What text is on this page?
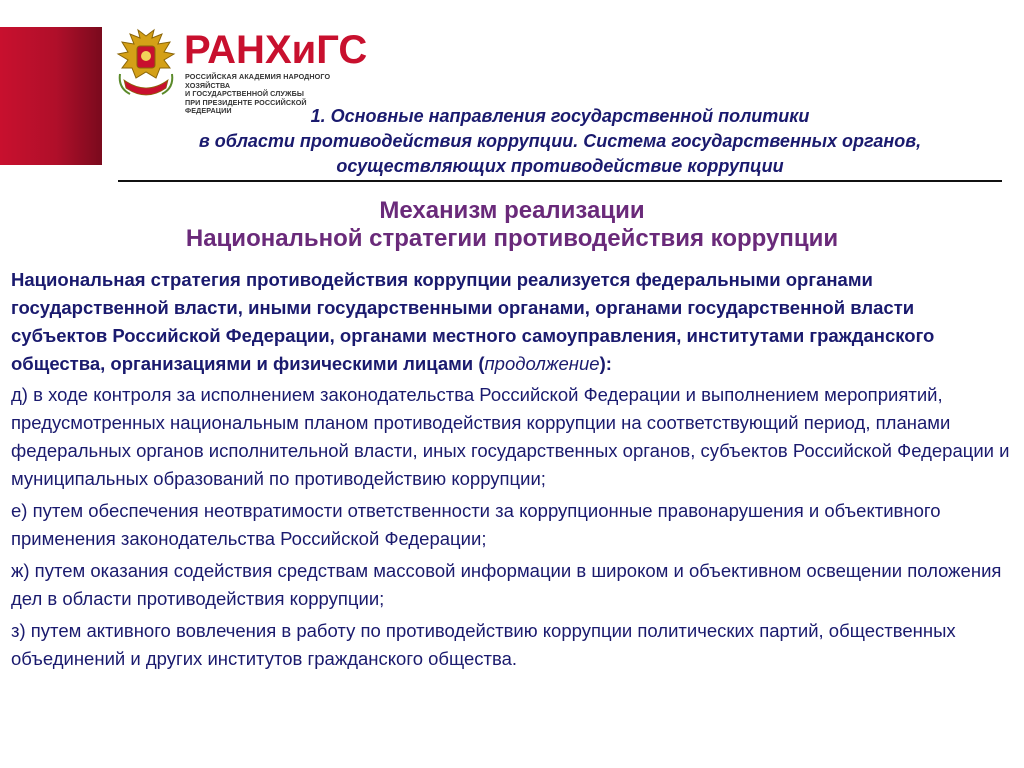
РАНХиГС
РОССИЙСКАЯ АКАДЕМИЯ НАРОДНОГО ХОЗЯЙСТВА
И ГОСУДАРСТВЕННОЙ СЛУЖБЫ
ПРИ ПРЕЗИДЕНТЕ РОССИЙСКОЙ ФЕДЕРАЦИИ	1. Основные направления государственной политики
в области противодействия коррупции. Система государственных органов,
осуществляющих противодействие коррупции
Механизм реализации
Национальной стратегии противодействия коррупции

Национальная стратегия противодействия коррупции реализуется федеральными органами государственной власти, иными государственными органами, органами государственной власти субъектов Российской Федерации, органами местного самоуправления, институтами гражданского общества, организациями и физическими лицами (продолжение):

д) в ходе контроля за исполнением законодательства Российской Федерации и выполнением мероприятий, предусмотренных национальным планом противодействия коррупции на соответствующий период, планами федеральных органов исполнительной власти, иных государственных органов, субъектов Российской Федерации и муниципальных образований по противодействию коррупции;

е) путем обеспечения неотвратимости ответственности за коррупционные правонарушения и объективного применения законодательства Российской Федерации;

ж) путем оказания содействия средствам массовой информации в широком и объективном освещении положения дел в области противодействия коррупции;

з) путем активного вовлечения в работу по противодействию коррупции политических партий, общественных объединений и других институтов гражданского общества.
